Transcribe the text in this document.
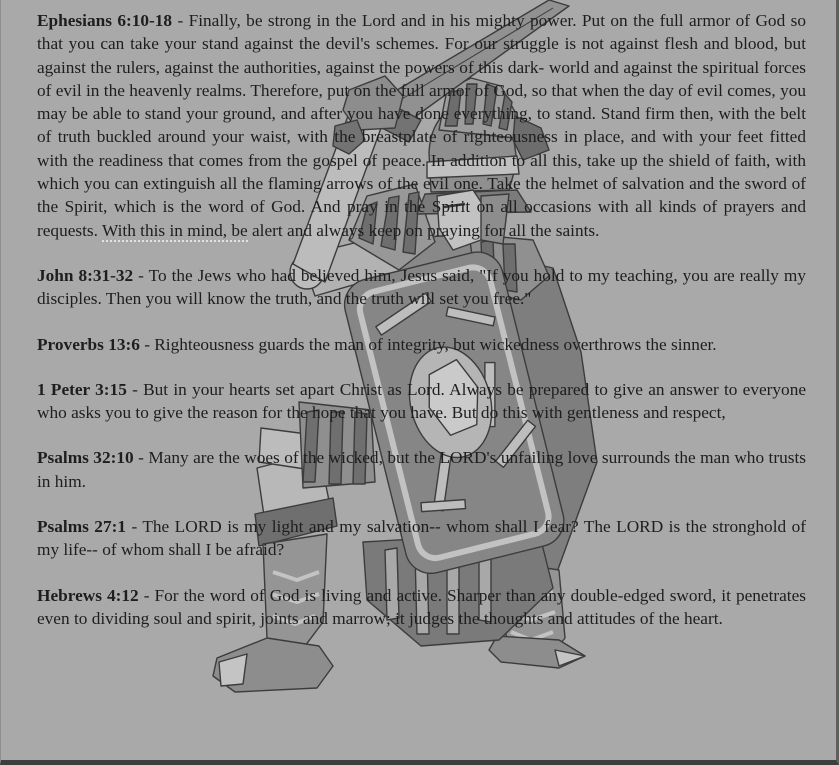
Ephesians 6:10-18 - Finally, be strong in the Lord and in his mighty power. Put on the full armor of God so that you can take your stand against the devil's schemes. For our struggle is not against flesh and blood, but against the rulers, against the authorities, against the powers of this dark- world and against the spiritual forces of evil in the heavenly realms. Therefore, put on the full armor of God, so that when the day of evil comes, you may be able to stand your ground, and after you have done everything, to stand. Stand firm then, with the belt of truth buckled around your waist, with the breastplate of righteousness in place, and with your feet fitted with the readiness that comes from the gospel of peace. In addition to all this, take up the shield of faith, with which you can extinguish all the flaming arrows of the evil one. Take the helmet of salvation and the sword of the Spirit, which is the word of God. And pray in the Spirit on all occasions with all kinds of prayers and requests. With this in mind, be alert and always keep on praying for all the saints.

John 8:31-32 - To the Jews who had believed him, Jesus said, "If you hold to my teaching, you are really my disciples. Then you will know the truth, and the truth will set you free."

Proverbs 13:6 - Righteousness guards the man of integrity, but wickedness overthrows the sinner.

1 Peter 3:15 - But in your hearts set apart Christ as Lord. Always be prepared to give an answer to everyone who asks you to give the reason for the hope that you have. But do this with gentleness and respect,

Psalms 32:10 - Many are the woes of the wicked, but the LORD's unfailing love surrounds the man who trusts in him.

Psalms 27:1 - The LORD is my light and my salvation-- whom shall I fear? The LORD is the stronghold of my life-- of whom shall I be afraid?

Hebrews 4:12 - For the word of God is living and active. Sharper than any double-edged sword, it penetrates even to dividing soul and spirit, joints and marrow; it judges the thoughts and attitudes of the heart.
